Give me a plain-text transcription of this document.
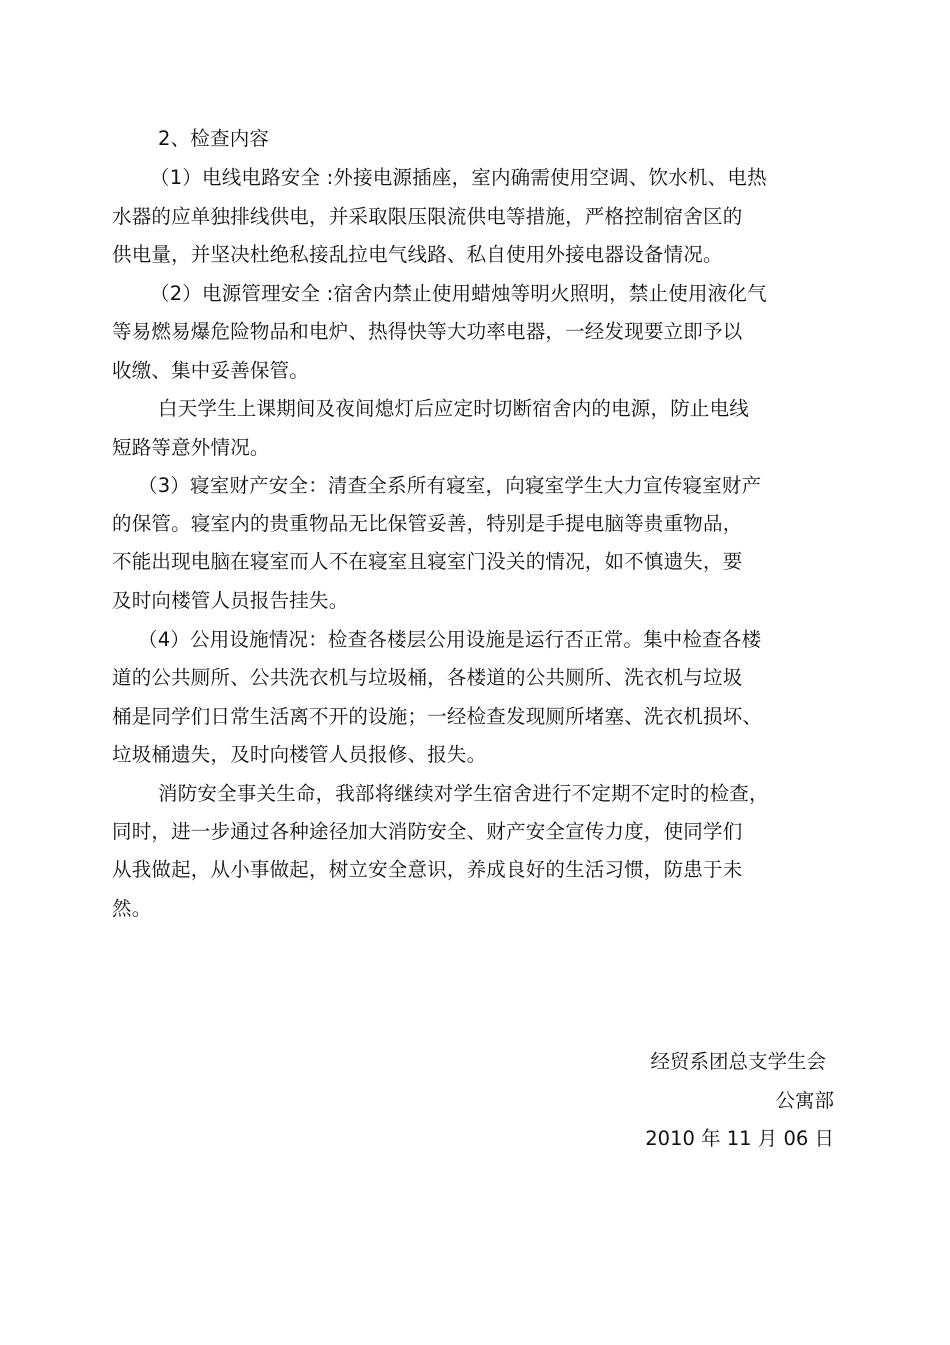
2、检查内容
（1）电线电路安全 :外接电源插座，室内确需使用空调、饮水机、电热
水器的应单独排线供电，并采取限压限流供电等措施，严格控制宿舍区的
供电量，并坚决杜绝私接乱拉电气线路、私自使用外接电器设备情况。
（2）电源管理安全 :宿舍内禁止使用蜡烛等明火照明，禁止使用液化气
等易燃易爆危险物品和电炉、热得快等大功率电器，一经发现要立即予以
收缴、集中妥善保管。
白天学生上课期间及夜间熄灯后应定时切断宿舍内的电源，防止电线
短路等意外情况。
（3）寝室财产安全：清查全系所有寝室，向寝室学生大力宣传寝室财产
的保管。寝室内的贵重物品无比保管妥善，特别是手提电脑等贵重物品，
不能出现电脑在寝室而人不在寝室且寝室门没关的情况，如不慎遗失，要
及时向楼管人员报告挂失。
（4）公用设施情况：检查各楼层公用设施是运行否正常。集中检查各楼
道的公共厕所、公共洗衣机与垃圾桶，各楼道的公共厕所、洗衣机与垃圾
桶是同学们日常生活离不开的设施；一经检查发现厕所堵塞、洗衣机损坏、
垃圾桶遗失，及时向楼管人员报修、报失。
消防安全事关生命，我部将继续对学生宿舍进行不定期不定时的检查，
同时，进一步通过各种途径加大消防安全、财产安全宣传力度，使同学们
从我做起，从小事做起，树立安全意识，养成良好的生活习惯，防患于未
然。
经贸系团总支学生会
公寓部
2010 年 11 月 06 日
